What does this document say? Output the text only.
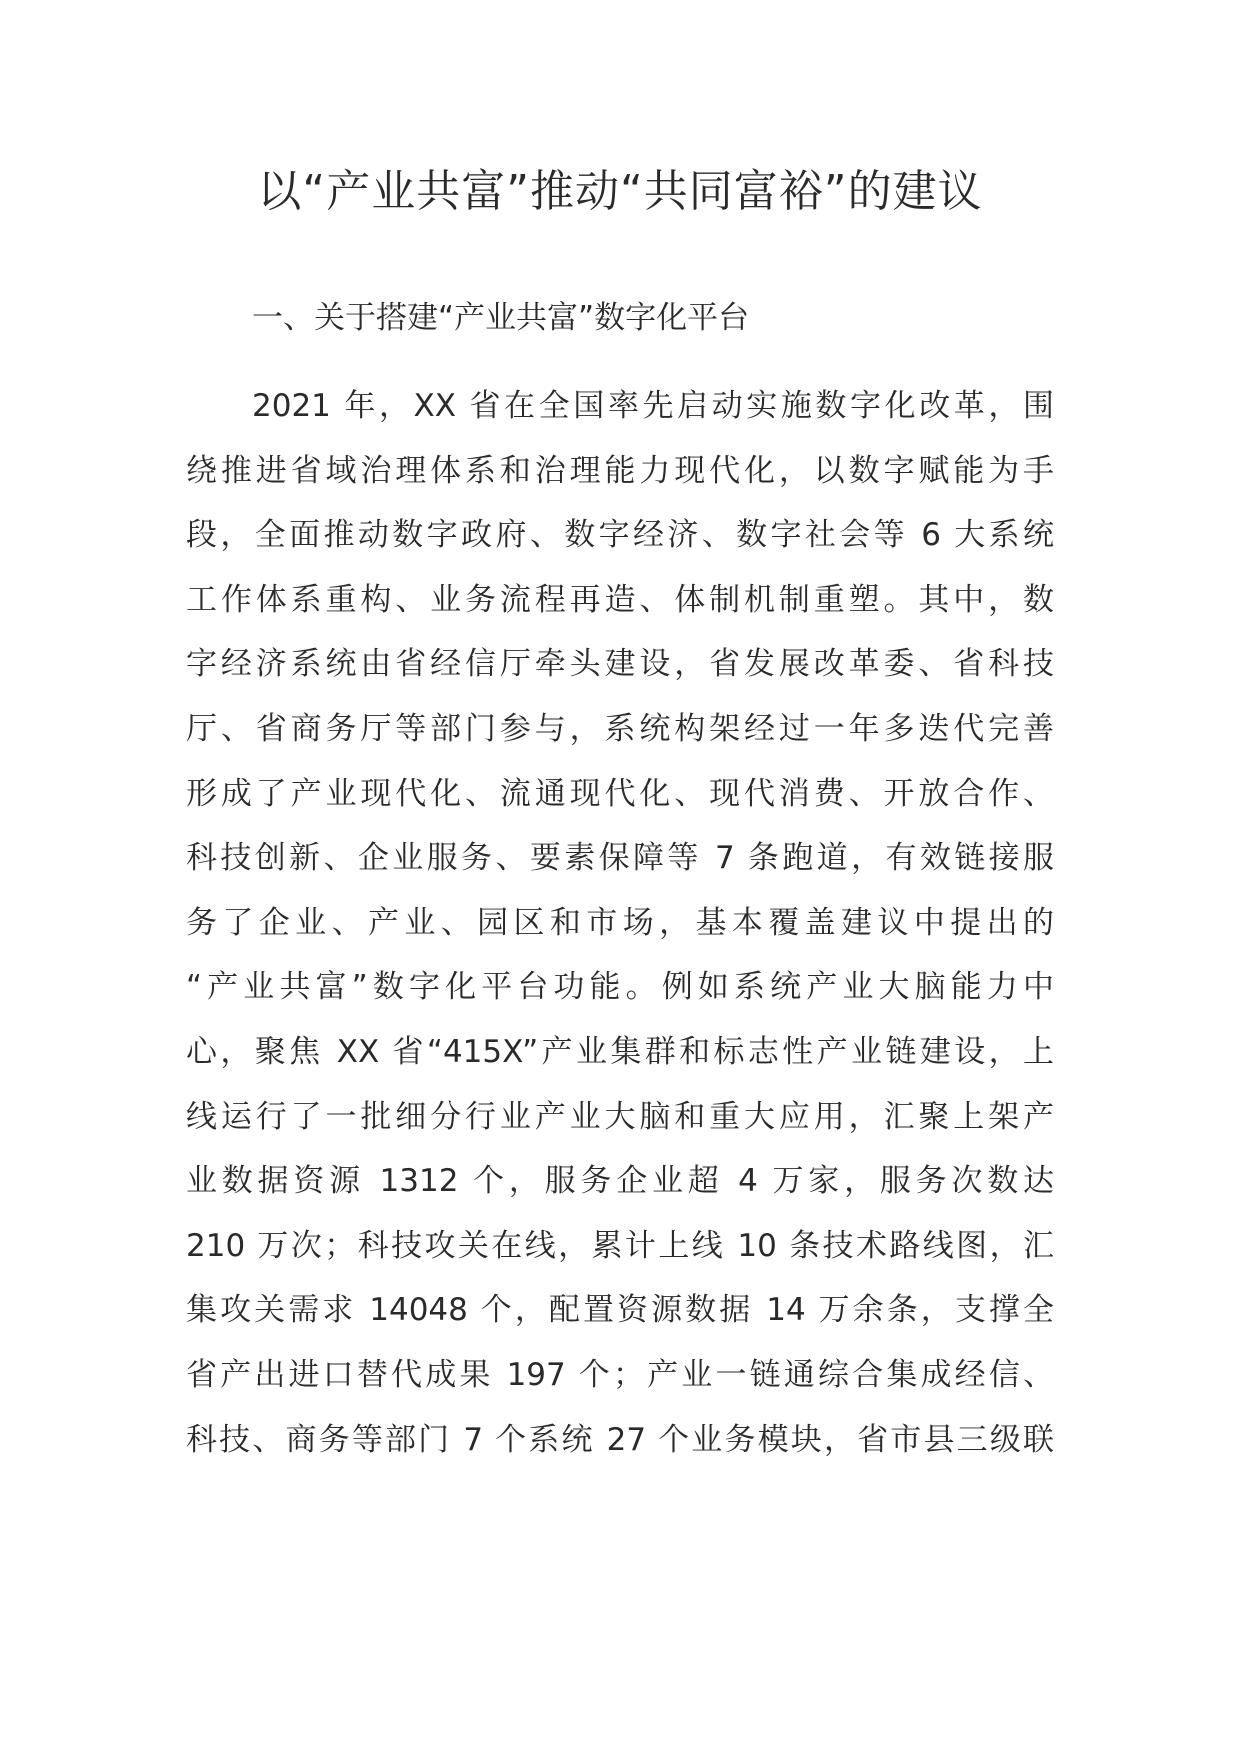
以“产业共富”推动“共同富裕”的建议
一、关于搭建“产业共富”数字化平台
2021 年，XX 省在全国率先启动实施数字化改革，围
绕推进省域治理体系和治理能力现代化，以数字赋能为手
段，全面推动数字政府、数字经济、数字社会等 6 大系统
工作体系重构、业务流程再造、体制机制重塑。其中，数
字经济系统由省经信厅牵头建设，省发展改革委、省科技
厅、省商务厅等部门参与，系统构架经过一年多迭代完善
形成了产业现代化、流通现代化、现代消费、开放合作、
科技创新、企业服务、要素保障等 7 条跑道，有效链接服
务了企业、产业、园区和市场，基本覆盖建议中提出的
“产业共富”数字化平台功能。例如系统产业大脑能力中
心，聚焦 XX 省“415X”产业集群和标志性产业链建设，上
线运行了一批细分行业产业大脑和重大应用，汇聚上架产
业数据资源 1312 个，服务企业超 4 万家，服务次数达
210 万次；科技攻关在线，累计上线 10 条技术路线图，汇
集攻关需求 14048 个，配置资源数据 14 万余条，支撑全
省产出进口替代成果 197 个；产业一链通综合集成经信、
科技、商务等部门 7 个系统 27 个业务模块，省市县三级联
